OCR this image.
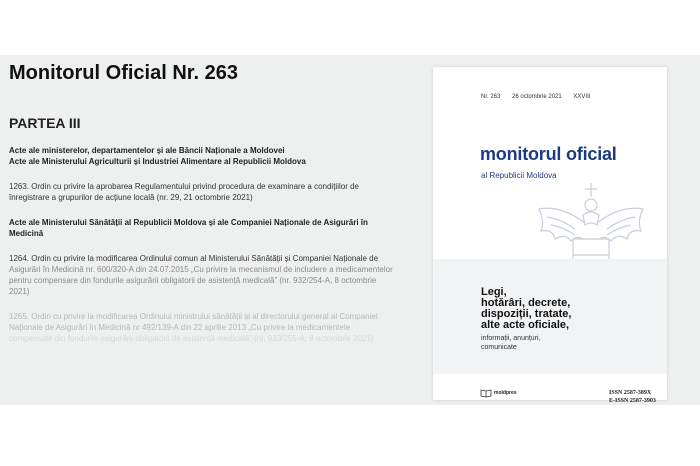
Monitorul Oficial Nr. 263
PARTEA III
Acte ale ministerelor, departamentelor și ale Băncii Naționale a Moldovei
Acte ale Ministerului Agriculturii și Industriei Alimentare al Republicii Moldova
1263. Ordin cu privire la aprobarea Regulamentului privind procedura de examinare a condițiilor de
înregistrare a grupurilor de acțiune locală (nr. 29, 21 octombrie 2021)
Acte ale Ministerului Sănătății al Republicii Moldova și ale Companiei Naționale de Asigurări în
Medicină
1264. Ordin cu privire la modificarea Ordinului comun al Ministerului Sănătății și Companiei Naționale de
Asigurări în Medicină nr. 600/320-A din 24.07.2015 „Cu privire la mecanismul de includere a medicamentelor
pentru compensare din fondurile asigurării obligatorii de asistență medicală” (nr. 932/254-A, 8 octombrie
2021)
1265. Ordin cu privire la modificarea Ordinului ministrului sănătății și al directorului general al Companiei
Naționale de Asigurări în Medicină nr 492/139-A din 22 aprilie 2013 „Cu privire la medicamentele
compensate din fondurile asigurării obligatorii de asistență medicală” (nr. 933/255-A, 8 octombrie 2021)
Nr. 263 26 octombrie 2021 XXVIII
monitorul oficial
al Republicii Moldova
Legi,
hotărâri, decrete,
dispoziții, tratate,
alte acte oficiale,
informații, anunțuri,
comunicate
moldpres	ISSN 2587-389X
E-ISSN 2587-3903
